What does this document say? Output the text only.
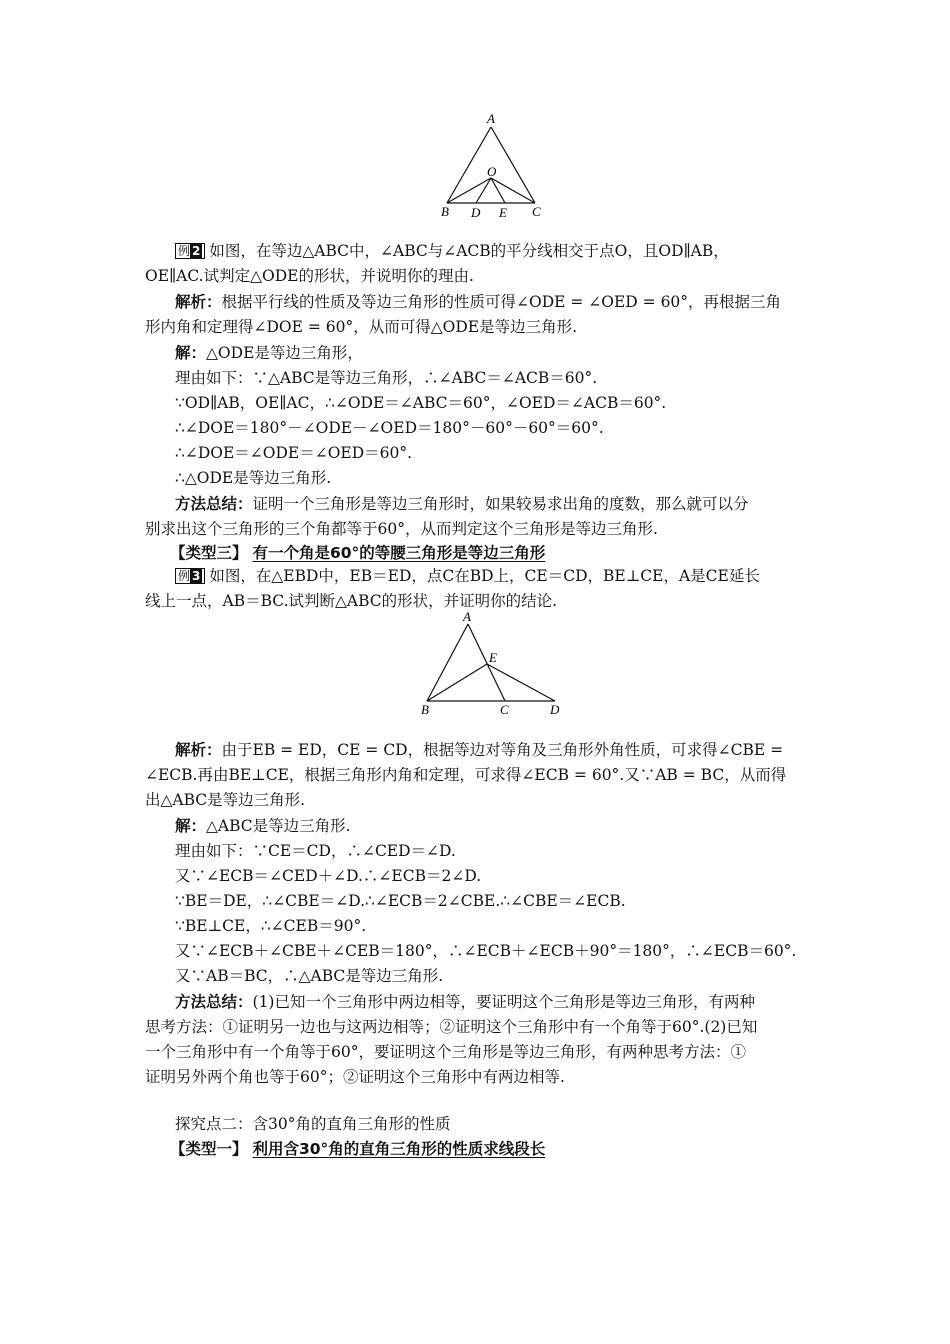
A
O
B D E C
例 2 如图，在等边△ABC中，∠ABC与∠ACB的平分线相交于点O，且OD∥AB，
OE∥AC.试判定△ODE的形状，并说明你的理由.
解析：根据平行线的性质及等边三角形的性质可得∠ODE = ∠OED = 60°，再根据三角
形内角和定理得∠DOE = 60°，从而可得△ODE是等边三角形.
解：△ODE是等边三角形，
理由如下：∵△ABC是等边三角形，∴∠ABC＝∠ACB＝60°.
∵OD∥AB，OE∥AC，∴∠ODE＝∠ABC＝60°，∠OED＝∠ACB＝60°.
∴∠DOE＝180°－∠ODE－∠OED＝180°－60°－60°＝60°.
∴∠DOE＝∠ODE＝∠OED＝60°.
∴△ODE是等边三角形.
方法总结：证明一个三角形是等边三角形时，如果较易求出角的度数，那么就可以分
别求出这个三角形的三个角都等于60°，从而判定这个三角形是等边三角形.
【类型三】 有一个角是60°的等腰三角形是等边三角形
例 3 如图，在△EBD中，EB＝ED，点C在BD上，CE＝CD，BE⊥CE，A是CE延长
线上一点，AB＝BC.试判断△ABC的形状，并证明你的结论.
A
E
B	C	D
解析：由于EB = ED，CE = CD，根据等边对等角及三角形外角性质，可求得∠CBE =
∠ECB.再由BE⊥CE，根据三角形内角和定理，可求得∠ECB = 60°.又∵AB = BC，从而得
出△ABC是等边三角形.
解：△ABC是等边三角形.
理由如下：∵CE＝CD，∴∠CED＝∠D.
又∵∠ECB＝∠CED＋∠D.∴∠ECB＝2∠D.
∵BE＝DE，∴∠CBE＝∠D.∴∠ECB＝2∠CBE.∴∠CBE＝∠ECB.
∵BE⊥CE，∴∠CEB＝90°.
又∵∠ECB＋∠CBE＋∠CEB＝180°，∴∠ECB＋∠ECB＋90°＝180°，∴∠ECB＝60°.
又∵AB＝BC，∴△ABC是等边三角形.
方法总结：(1)已知一个三角形中两边相等，要证明这个三角形是等边三角形，有两种
思考方法：①证明另一边也与这两边相等；②证明这个三角形中有一个角等于60°.(2)已知
一个三角形中有一个角等于60°，要证明这个三角形是等边三角形，有两种思考方法：①
证明另外两个角也等于60°；②证明这个三角形中有两边相等.
探究点二：含30°角的直角三角形的性质
【类型一】 利用含30°角的直角三角形的性质求线段长
